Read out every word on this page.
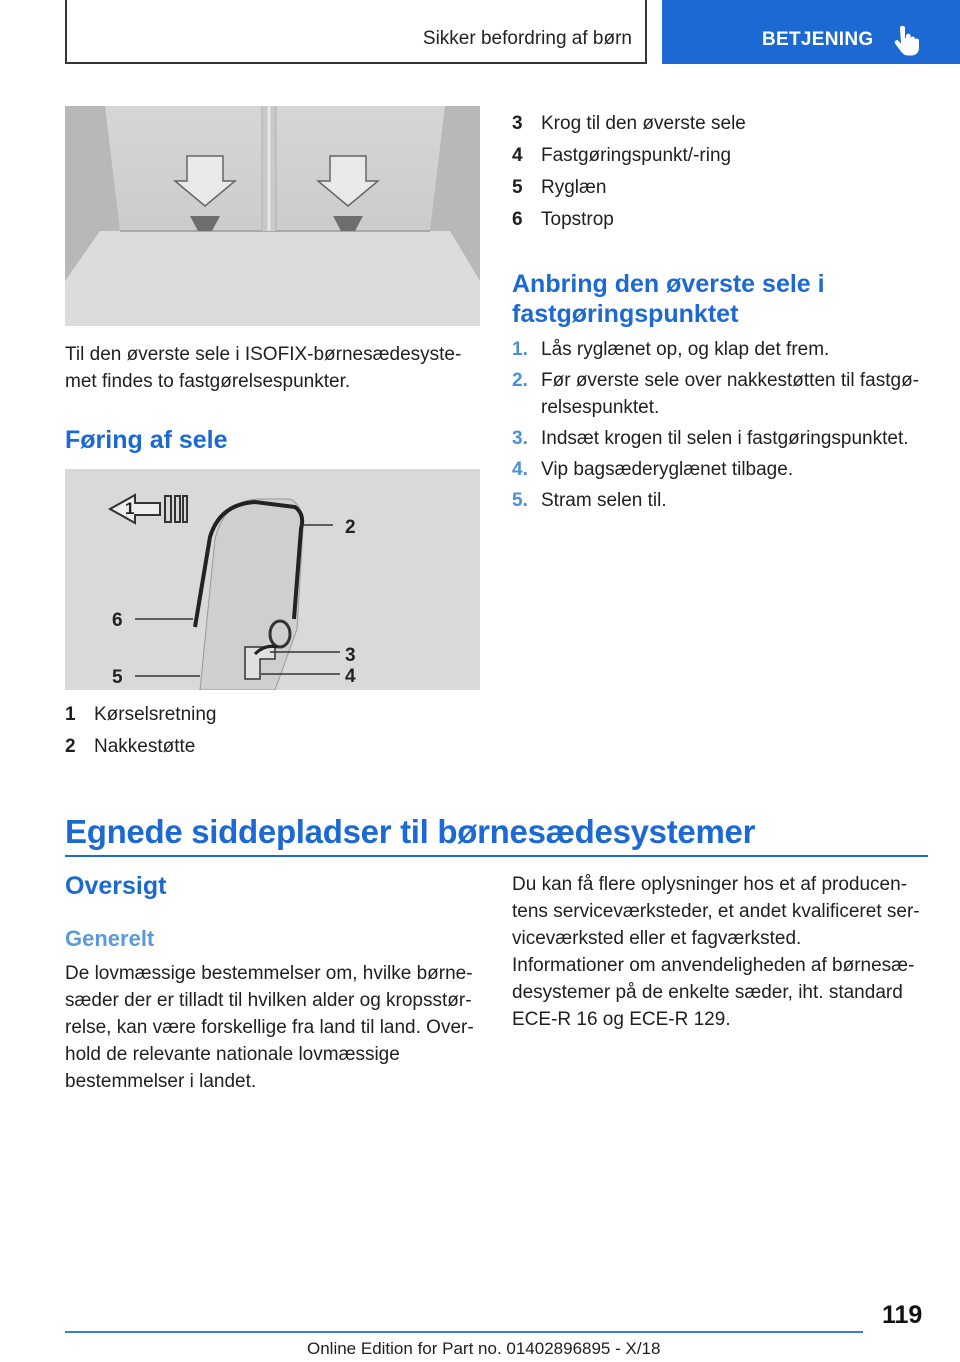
Sikker befordring af børn	BETJENING
Til den øverste sele i ISOFIX-børnesædesystemet findes to fastgørelsespunkter.
Føring af sele
1
2
3
4
5
6
1 Kørselsretning
2 Nakkestøtte
3 Krog til den øverste sele
4 Fastgøringspunkt/-ring
5 Ryglæn
6 Topstrop
Anbring den øverste sele i fastgøringspunktet
1. Lås ryglænet op, og klap det frem.
2. Før øverste sele over nakkestøtten til fastgørelsespunktet.
3. Indsæt krogen til selen i fastgøringspunktet.
4. Vip bagsæderyglænet tilbage.
5. Stram selen til.
Egnede siddepladser til børnesædesystemer
Oversigt
Generelt
De lovmæssige bestemmelser om, hvilke børnesæder der er tilladt til hvilken alder og kropsstørrelse, kan være forskellige fra land til land. Overhold de relevante nationale lovmæssige bestemmelser i landet.
Du kan få flere oplysninger hos et af producentens serviceværksteder, et andet kvalificeret serviceværksted eller et fagværksted.
Informationer om anvendeligheden af børnesædesystemer på de enkelte sæder, iht. standard ECE-R 16 og ECE-R 129.
119
Online Edition for Part no. 01402896895 - X/18
